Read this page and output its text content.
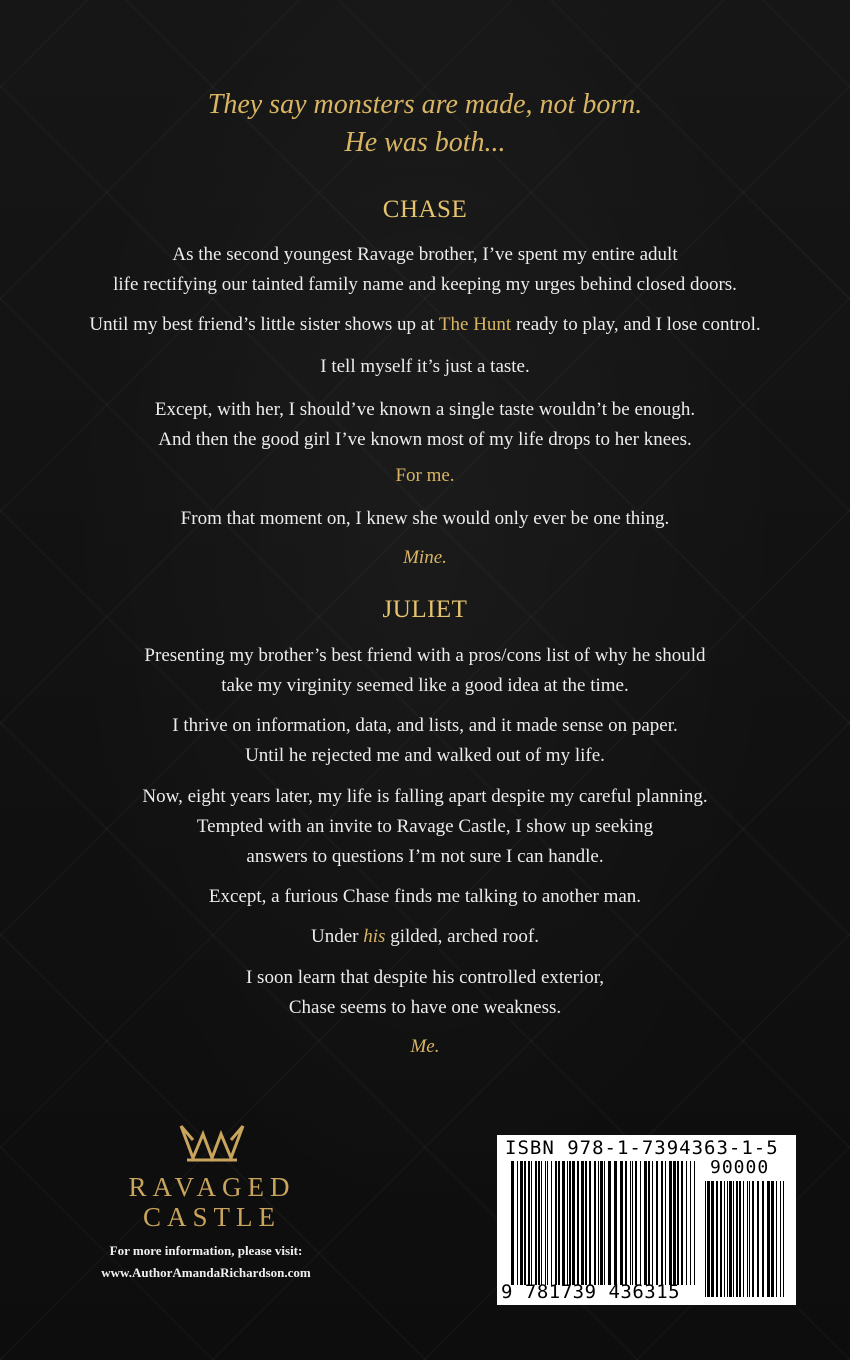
They say monsters are made, not born.
He was both...
CHASE
As the second youngest Ravage brother, I’ve spent my entire adult
life rectifying our tainted family name and keeping my urges behind closed doors.
Until my best friend’s little sister shows up at The Hunt ready to play, and I lose control.
I tell myself it’s just a taste.
Except, with her, I should’ve known a single taste wouldn’t be enough.
And then the good girl I’ve known most of my life drops to her knees.
For me.
From that moment on, I knew she would only ever be one thing.
Mine.
JULIET
Presenting my brother’s best friend with a pros/cons list of why he should
take my virginity seemed like a good idea at the time.
I thrive on information, data, and lists, and it made sense on paper.
Until he rejected me and walked out of my life.
Now, eight years later, my life is falling apart despite my careful planning.
Tempted with an invite to Ravage Castle, I show up seeking
answers to questions I’m not sure I can handle.
Except, a furious Chase finds me talking to another man.
Under his gilded, arched roof.
I soon learn that despite his controlled exterior,
Chase seems to have one weakness.
Me.
RAVAGED
CASTLE
For more information, please visit:
www.AuthorAmandaRichardson.com
ISBN 978-1-7394363-1-5
90000
9 781739 436315
